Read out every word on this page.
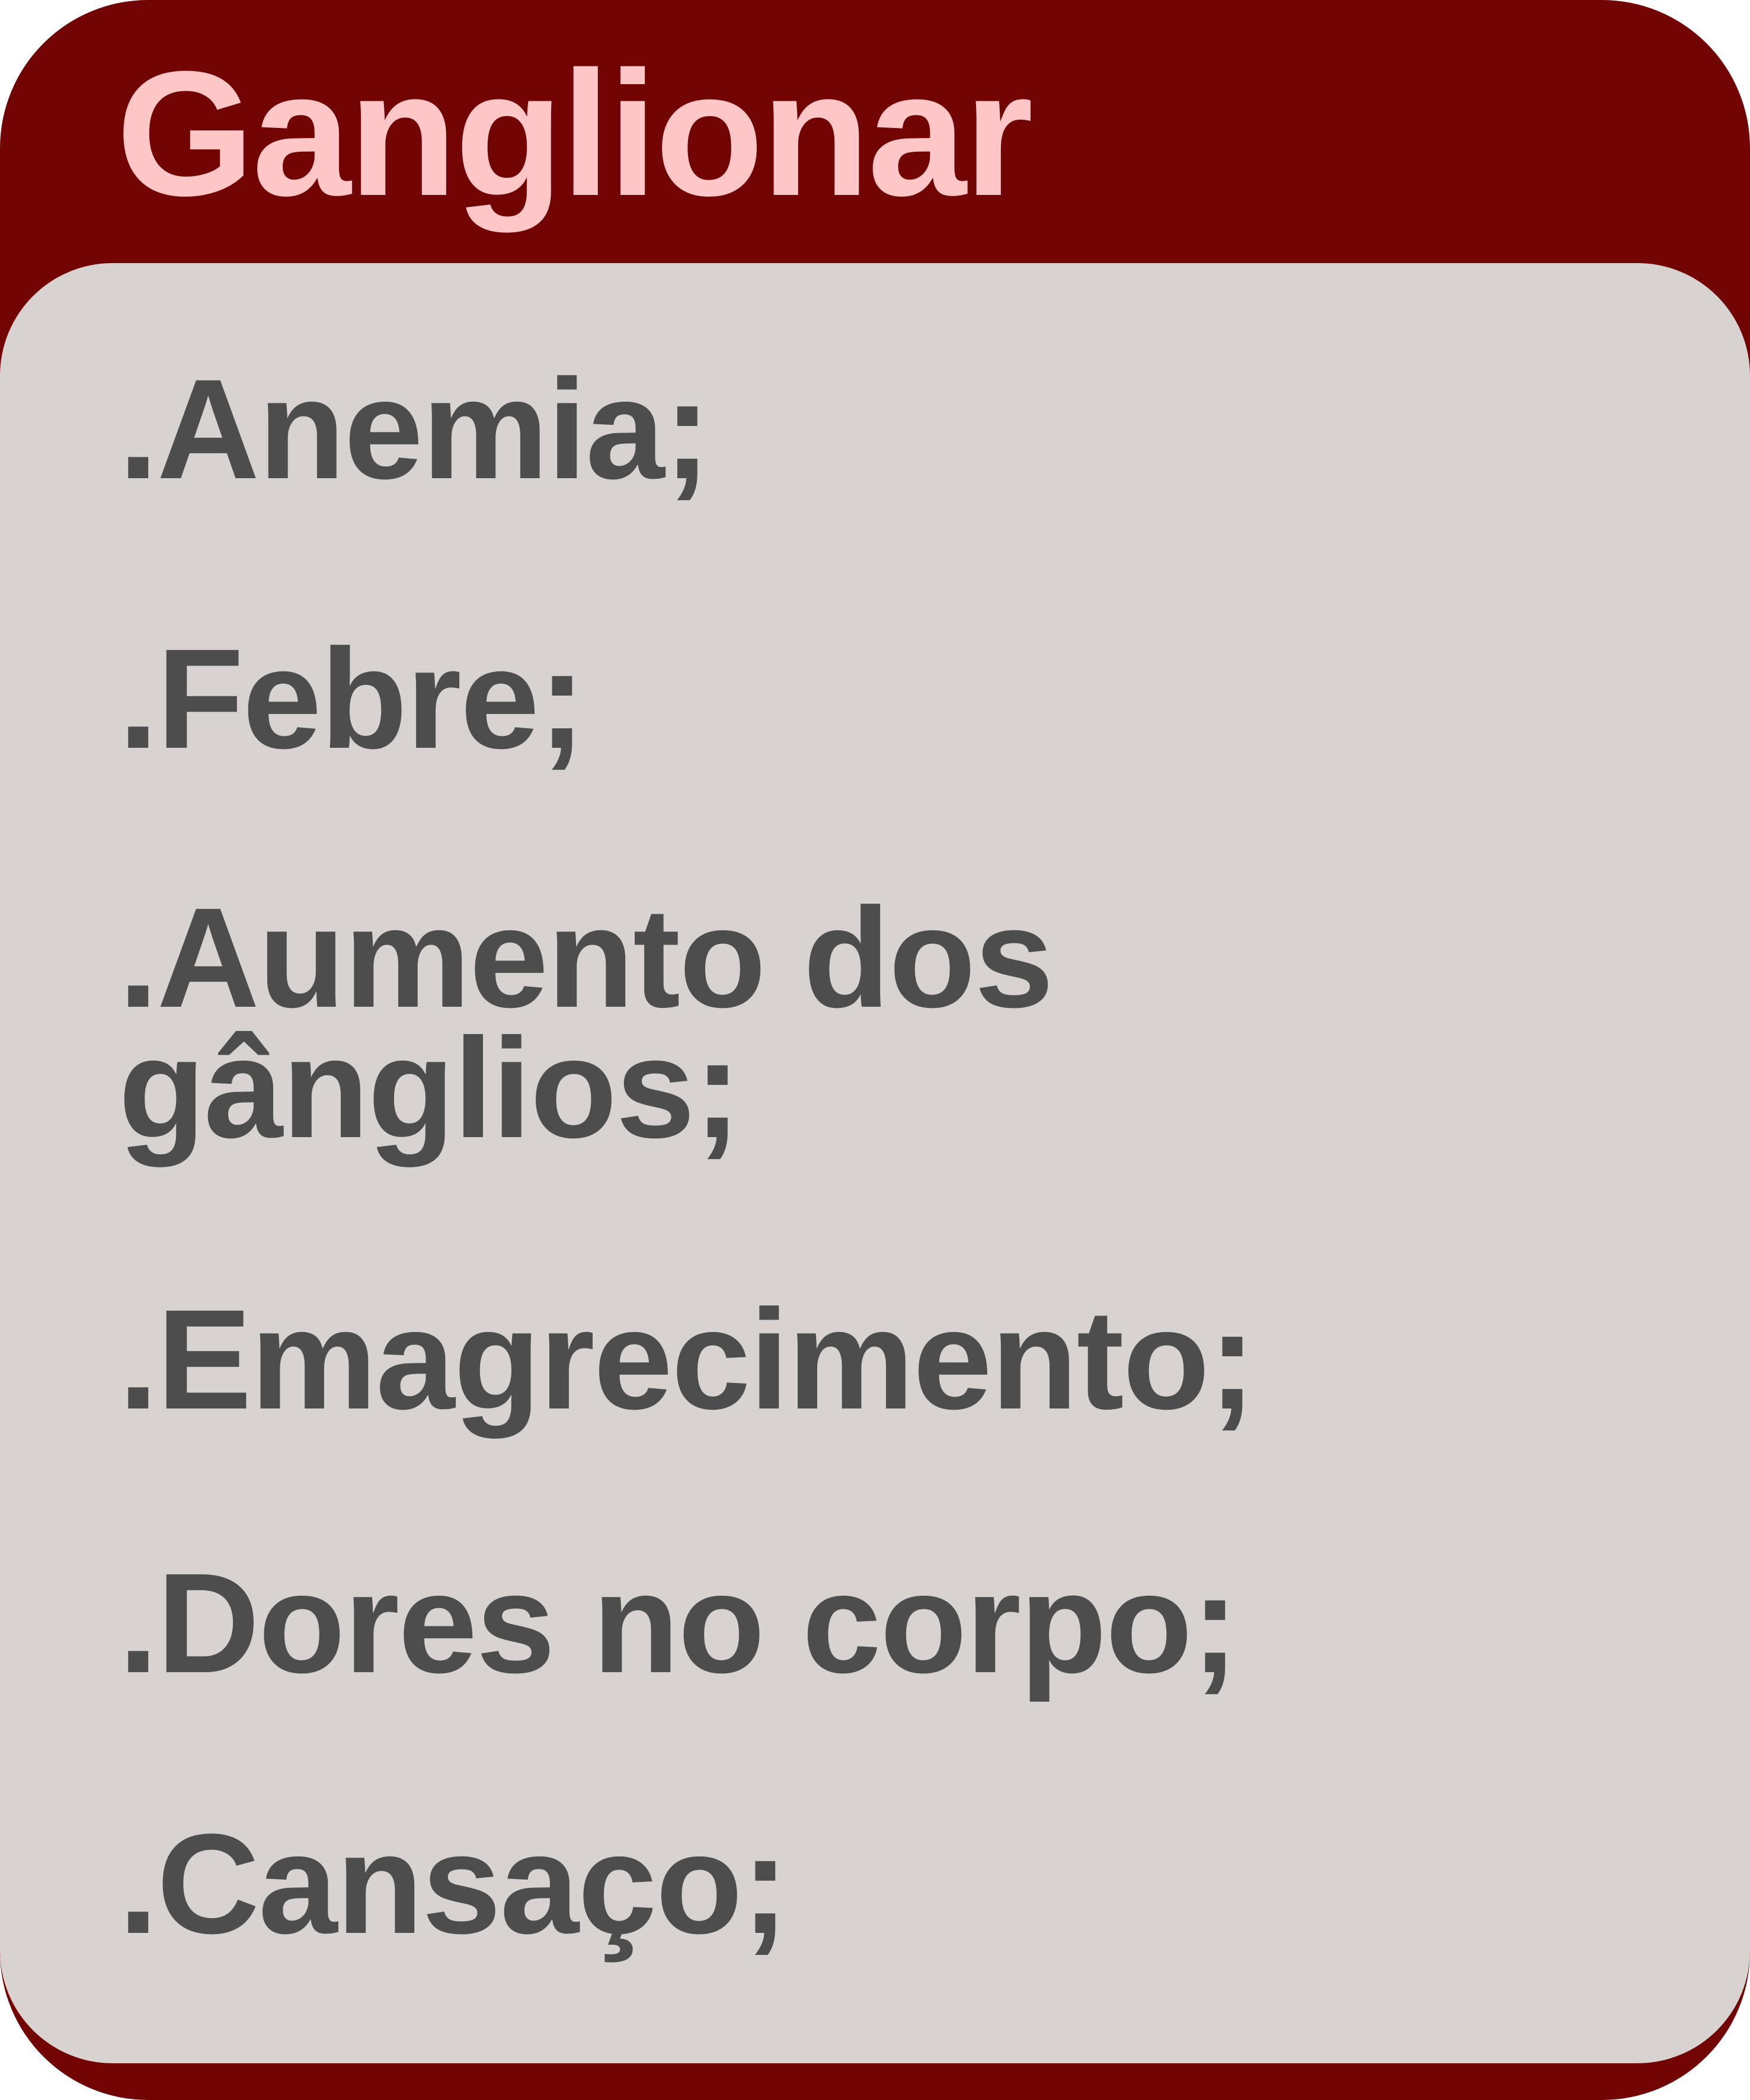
Ganglionar

.Anemia;

.Febre;

.Aumento dos
gânglios;

.Emagrecimento;

.Dores no corpo;

.Cansaço;
